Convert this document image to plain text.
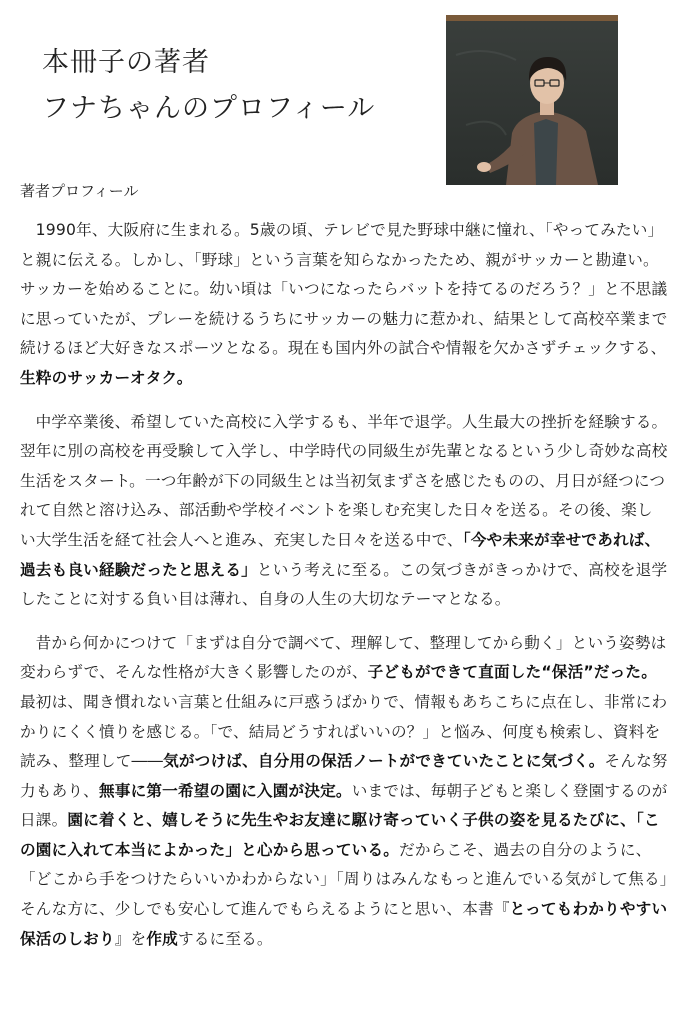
本冊子の著者
フナちゃんのプロフィール
著者プロフィール

1990年、大阪府に生まれる。5歳の頃、テレビで見た野球中継に憧れ、「やってみたい」と親に伝える。しかし、「野球」という言葉を知らなかったため、親がサッカーと勘違い。サッカーを始めることに。幼い頃は「いつになったらバットを持てるのだろう？」と不思議に思っていたが、プレーを続けるうちにサッカーの魅力に惹かれ、結果として高校卒業まで続けるほど大好きなスポーツとなる。現在も国内外の試合や情報を欠かさずチェックする、生粋のサッカーオタク。

中学卒業後、希望していた高校に入学するも、半年で退学。人生最大の挫折を経験する。翌年に別の高校を再受験して入学し、中学時代の同級生が先輩となるという少し奇妙な高校生活をスタート。一つ年齢が下の同級生とは当初気まずさを感じたものの、月日が経つにつれて自然と溶け込み、部活動や学校イベントを楽しむ充実した日々を送る。その後、楽しい大学生活を経て社会人へと進み、充実した日々を送る中で、「今や未来が幸せであれば、過去も良い経験だったと思える」という考えに至る。この気づきがきっかけで、高校を退学したことに対する負い目は薄れ、自身の人生の大切なテーマとなる。

昔から何かにつけて「まずは自分で調べて、理解して、整理してから動く」という姿勢は変わらずで、そんな性格が大きく影響したのが、子どもができて直面した“保活”だった。最初は、聞き慣れない言葉と仕組みに戸惑うばかりで、情報もあちこちに点在し、非常にわかりにくく憤りを感じる。「で、結局どうすればいいの？」と悩み、何度も検索し、資料を読み、整理して――気がつけば、自分用の保活ノートができていたことに気づく。そんな努力もあり、無事に第一希望の園に入園が決定。いまでは、毎朝子どもと楽しく登園するのが日課。園に着くと、嬉しそうに先生やお友達に駆け寄っていく子供の姿を見るたびに、「この園に入れて本当によかった」と心から思っている。だからこそ、過去の自分のように、「どこから手をつけたらいいかわからない」「周りはみんなもっと進んでいる気がして焦る」そんな方に、少しでも安心して進んでもらえるようにと思い、本書『とってもわかりやすい保活のしおり』を作成するに至る。
